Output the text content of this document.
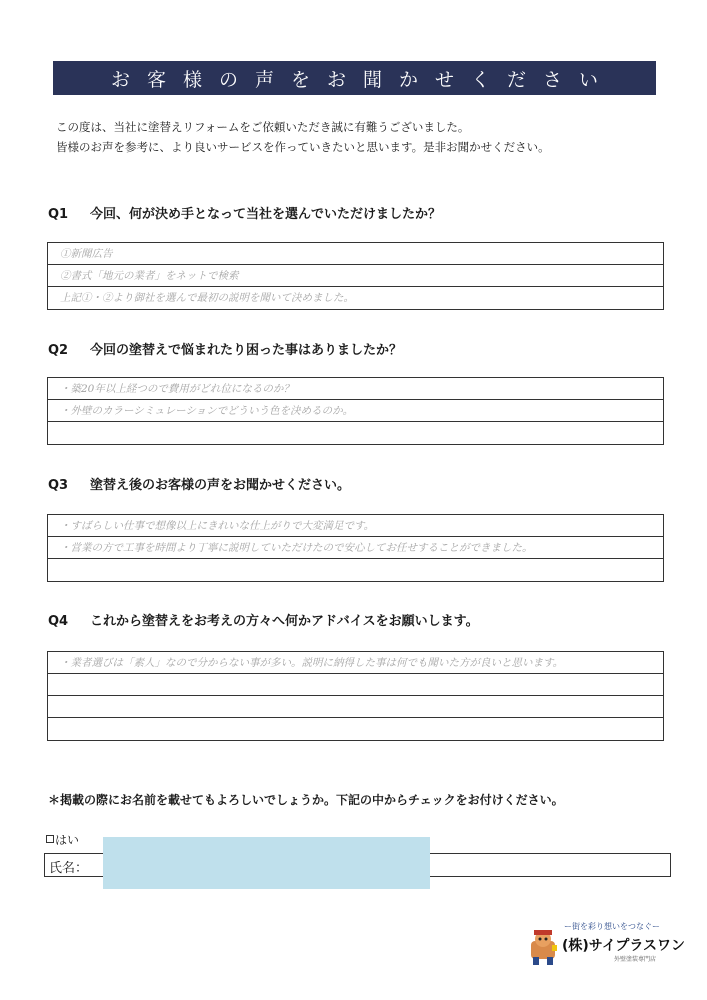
お客様の声をお聞かせください
この度は、当社に塗替えリフォームをご依頼いただき誠に有難うございました。
皆様のお声を参考に、より良いサービスを作っていきたいと思います。是非お聞かせください。
Q1 今回、何が決め手となって当社を選んでいただけましたか？
①新聞広告
②書式「地元の業者」をネットで検索
上記①・②より御社を選んで最初の説明を聞いて決めました。
Q2 今回の塗替えで悩まれたり困った事はありましたか？
・築20年以上経つので費用がどれ位になるのか？
・外壁のカラーシミュレーションでどういう色を決めるのか。
Q3 塗替え後のお客様の声をお聞かせください。
・すばらしい仕事で想像以上にきれいな仕上がりで大変満足です。
・営業の方で工事を時間より丁寧に説明していただけたので安心してお任せすることができました。
Q4 これから塗替えをお考えの方々へ何かアドバイスをお願いします。
・業者選びは「素人」なので分からない事が多い。説明に納得した事は何でも聞いた方が良いと思います。
＊掲載の際にお名前を載せてもよろしいでしょうか。下記の中からチェックをお付けください。
はい
氏名：
ー街を彩り想いをつなぐー
(株)サイプラスワン
外壁塗装専門店
